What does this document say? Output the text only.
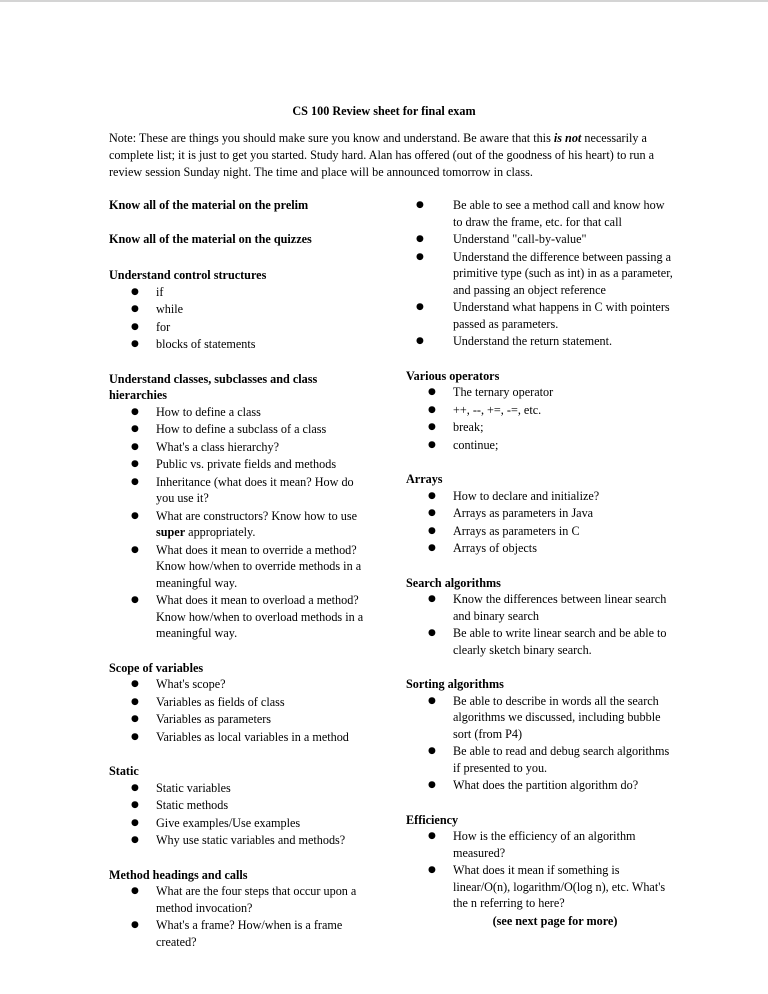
CS 100 Review sheet for final exam
Note: These are things you should make sure you know and understand. Be aware that this is not necessarily a complete list; it is just to get you started. Study hard. Alan has offered (out of the goodness of his heart) to run a review session Sunday night. The time and place will be announced tomorrow in class.

Know all of the material on the prelim

Know all of the material on the quizzes

Understand control structures

● if
● while
● for
● blocks of statements

Understand classes, subclasses and class hierarchies

● How to define a class
● How to define a subclass of a class
● What's a class hierarchy?
● Public vs. private fields and methods
● Inheritance (what does it mean? How do you use it?
● What are constructors? Know how to use super appropriately.
● What does it mean to override a method? Know how/when to override methods in a meaningful way.
● What does it mean to overload a method? Know how/when to overload methods in a meaningful way.

Scope of variables

● What's scope?
● Variables as fields of class
● Variables as parameters
● Variables as local variables in a method

Static

● Static variables
● Static methods
● Give examples/Use examples
● Why use static variables and methods?

Method headings and calls

● What are the four steps that occur upon a method invocation?
● What's a frame? How/when is a frame created?
● Be able to see a method call and know how to draw the frame, etc. for that call
● Understand "call-by-value"
● Understand the difference between passing a primitive type (such as int) in as a parameter, and passing an object reference
● Understand what happens in C with pointers passed as parameters.
● Understand the return statement.

Various operators

● The ternary operator
● ++, --, +=, -=, etc.
● break;
● continue;

Arrays

● How to declare and initialize?
● Arrays as parameters in Java
● Arrays as parameters in C
● Arrays of objects

Search algorithms

● Know the differences between linear search and binary search
● Be able to write linear search and be able to clearly sketch binary search.

Sorting algorithms

● Be able to describe in words all the search algorithms we discussed, including bubble sort (from P4)
● Be able to read and debug search algorithms if presented to you.
● What does the partition algorithm do?

Efficiency

● How is the efficiency of an algorithm measured?
● What does it mean if something is linear/O(n), logarithm/O(log n), etc. What's the n referring to here?
(see next page for more)
